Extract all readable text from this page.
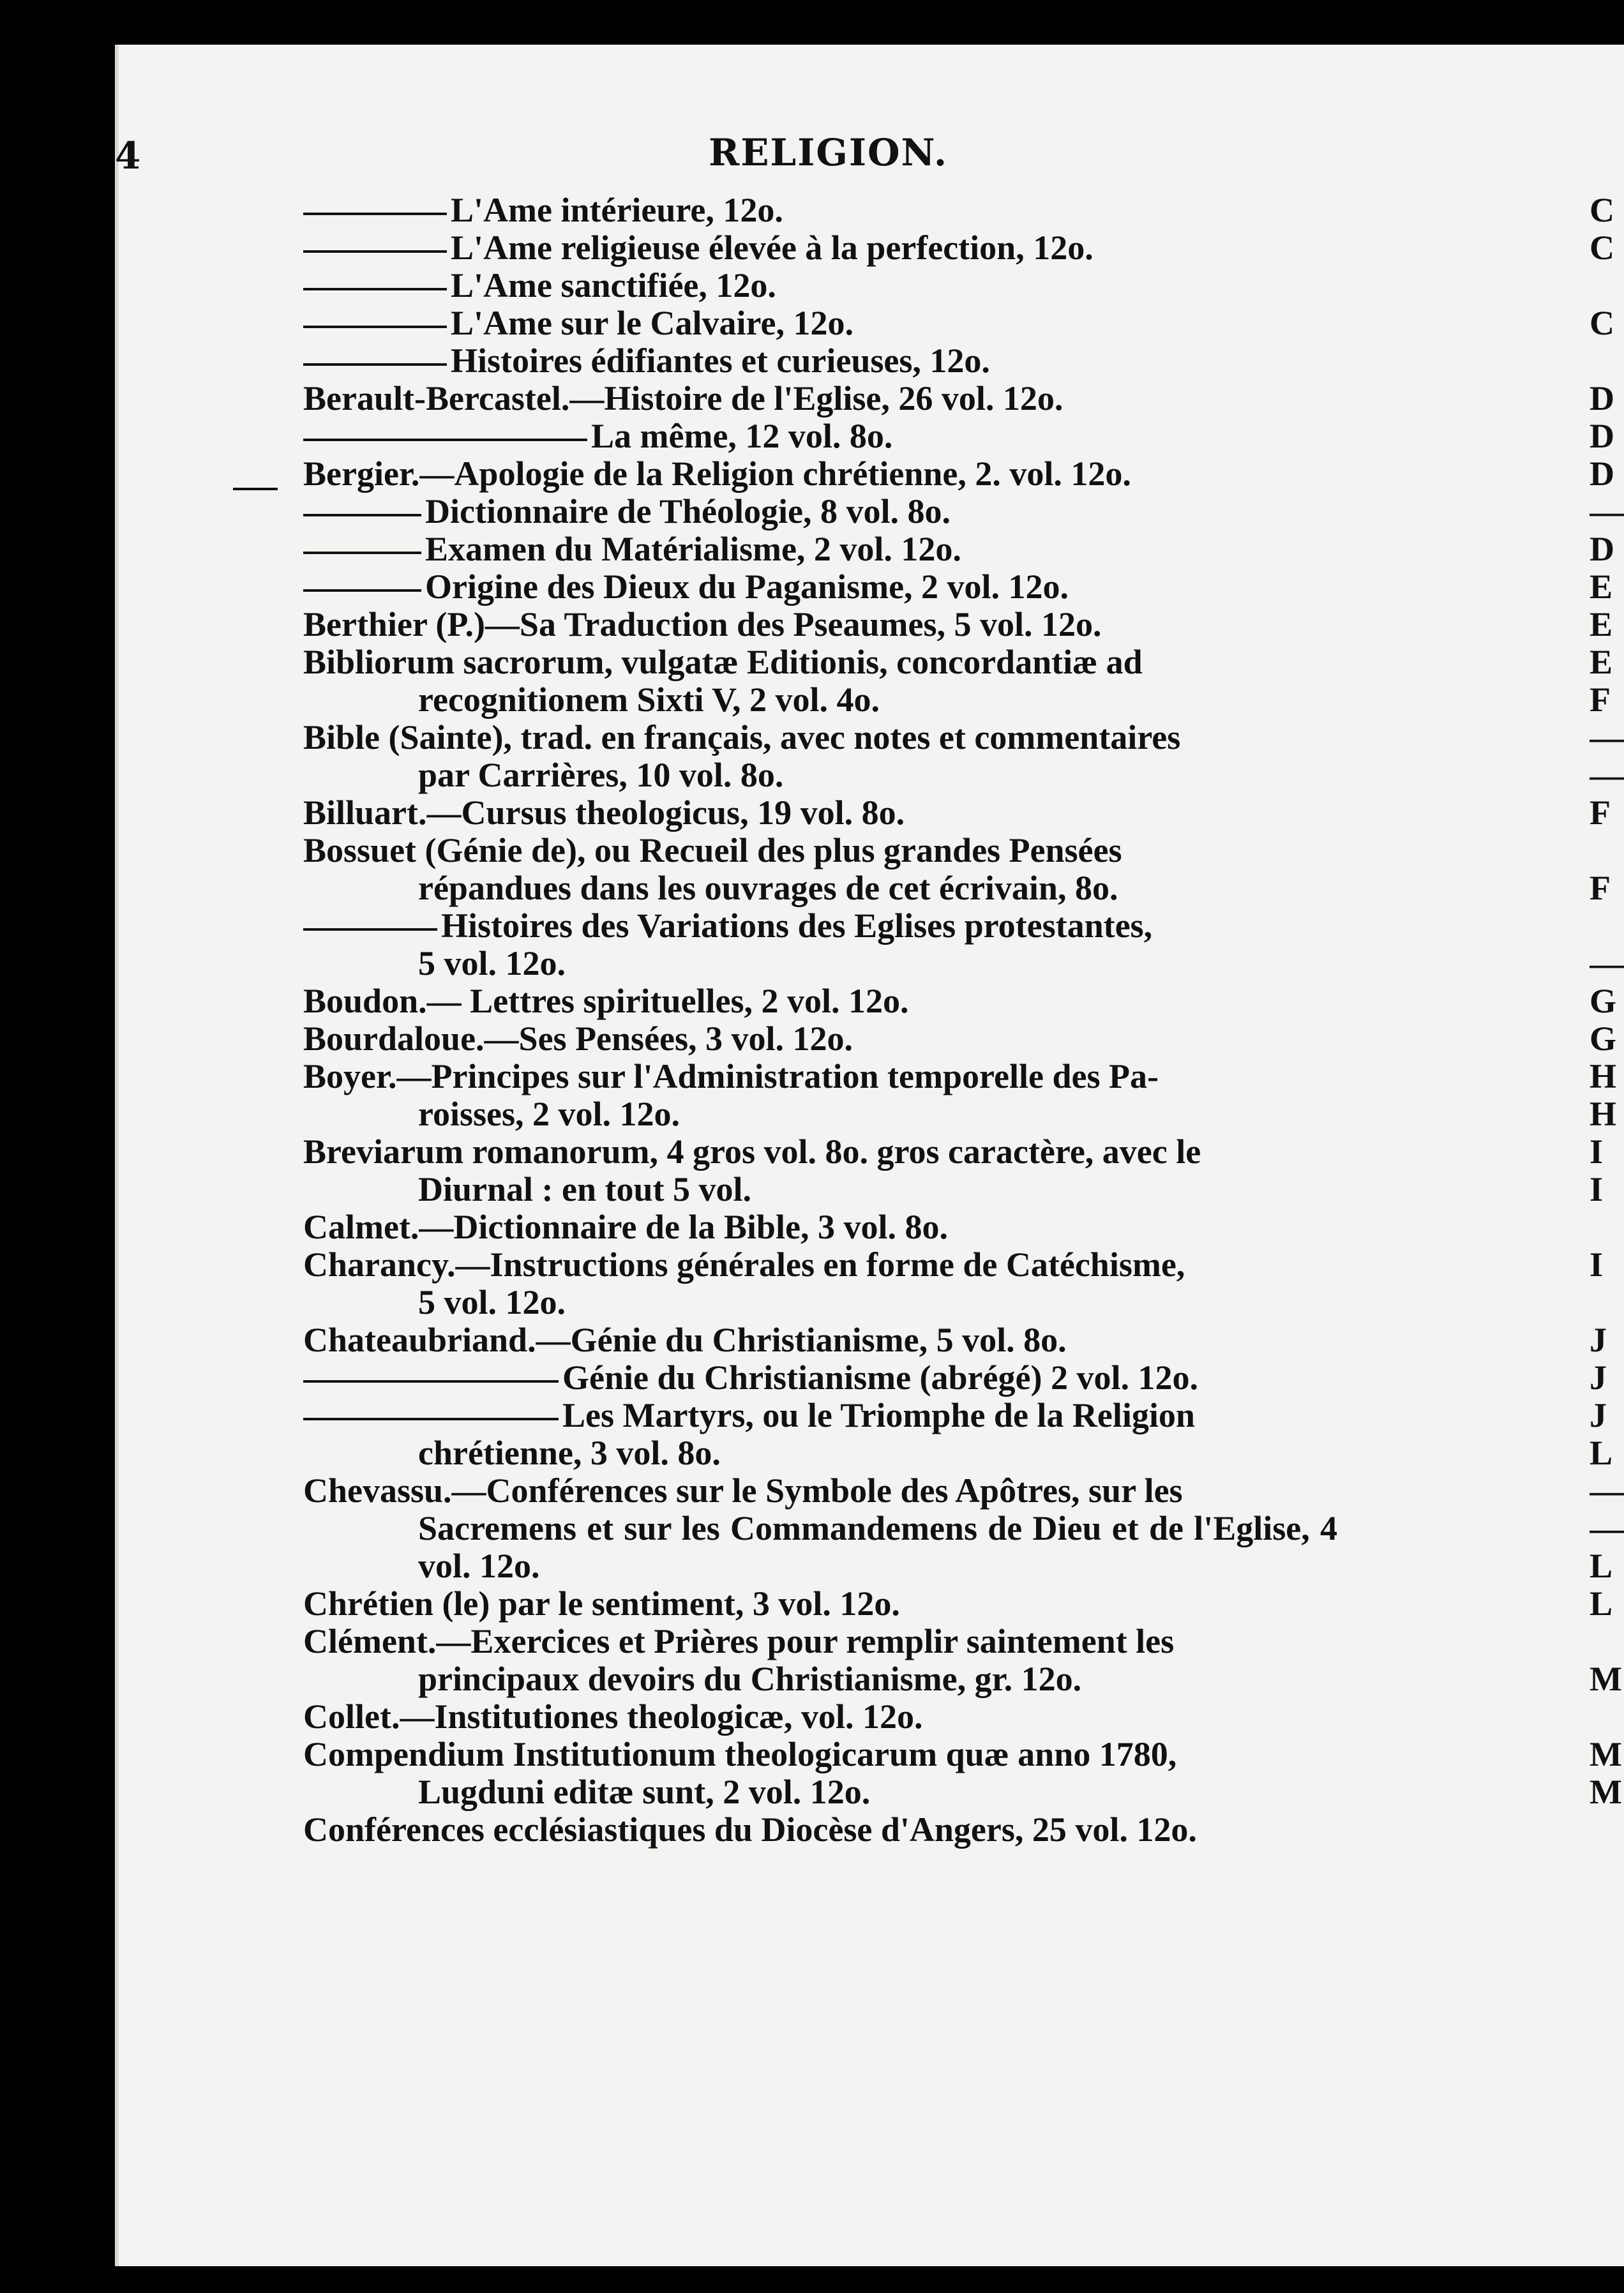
4	RELIGION.
L'Ame intérieure, 12o.
L'Ame religieuse élevée à la perfection, 12o.
L'Ame sanctifiée, 12o.
L'Ame sur le Calvaire, 12o.
Histoires édifiantes et curieuses, 12o.
Berault-Bercastel.—Histoire de l'Eglise, 26 vol. 12o.
La même, 12 vol. 8o.
Bergier.—Apologie de la Religion chrétienne, 2. vol. 12o.
Dictionnaire de Théologie, 8 vol. 8o.
Examen du Matérialisme, 2 vol. 12o.
Origine des Dieux du Paganisme, 2 vol. 12o.
Berthier (P.)—Sa Traduction des Pseaumes, 5 vol. 12o.
Bibliorum sacrorum, vulgatæ Editionis, concordantiæ ad
recognitionem Sixti V, 2 vol. 4o.
Bible (Sainte), trad. en français, avec notes et commentaires
par Carrières, 10 vol. 8o.
Billuart.—Cursus theologicus, 19 vol. 8o.
Bossuet (Génie de), ou Recueil des plus grandes Pensées
répandues dans les ouvrages de cet écrivain, 8o.
Histoires des Variations des Eglises protestantes,
5 vol. 12o.
Boudon.— Lettres spirituelles, 2 vol. 12o.
Bourdaloue.—Ses Pensées, 3 vol. 12o.
Boyer.—Principes sur l'Administration temporelle des Pa-
roisses, 2 vol. 12o.
Breviarum romanorum, 4 gros vol. 8o. gros caractère, avec le
Diurnal : en tout 5 vol.
Calmet.—Dictionnaire de la Bible, 3 vol. 8o.
Charancy.—Instructions générales en forme de Catéchisme,
5 vol. 12o.
Chateaubriand.—Génie du Christianisme, 5 vol. 8o.
Génie du Christianisme (abrégé) 2 vol. 12o.
Les Martyrs, ou le Triomphe de la Religion
chrétienne, 3 vol. 8o.
Chevassu.—Conférences sur le Symbole des Apôtres, sur les
Sacremens et sur les Commandemens de Dieu et de l'Eglise, 4 vol. 12o.
Chrétien (le) par le sentiment, 3 vol. 12o.
Clément.—Exercices et Prières pour remplir saintement les
principaux devoirs du Christianisme, gr. 12o.
Collet.—Institutiones theologicæ, vol. 12o.
Compendium Institutionum theologicarum quæ anno 1780,
Lugduni editæ sunt, 2 vol. 12o.
Conférences ecclésiastiques du Diocèse d'Angers, 25 vol. 12o.
C
C
C
D
D
D
—
D
E
E
E
F
—
—
F
F
—
G
G
H
H
I
I
I
J
J
J
L
—
—
L
L
M
M
M
